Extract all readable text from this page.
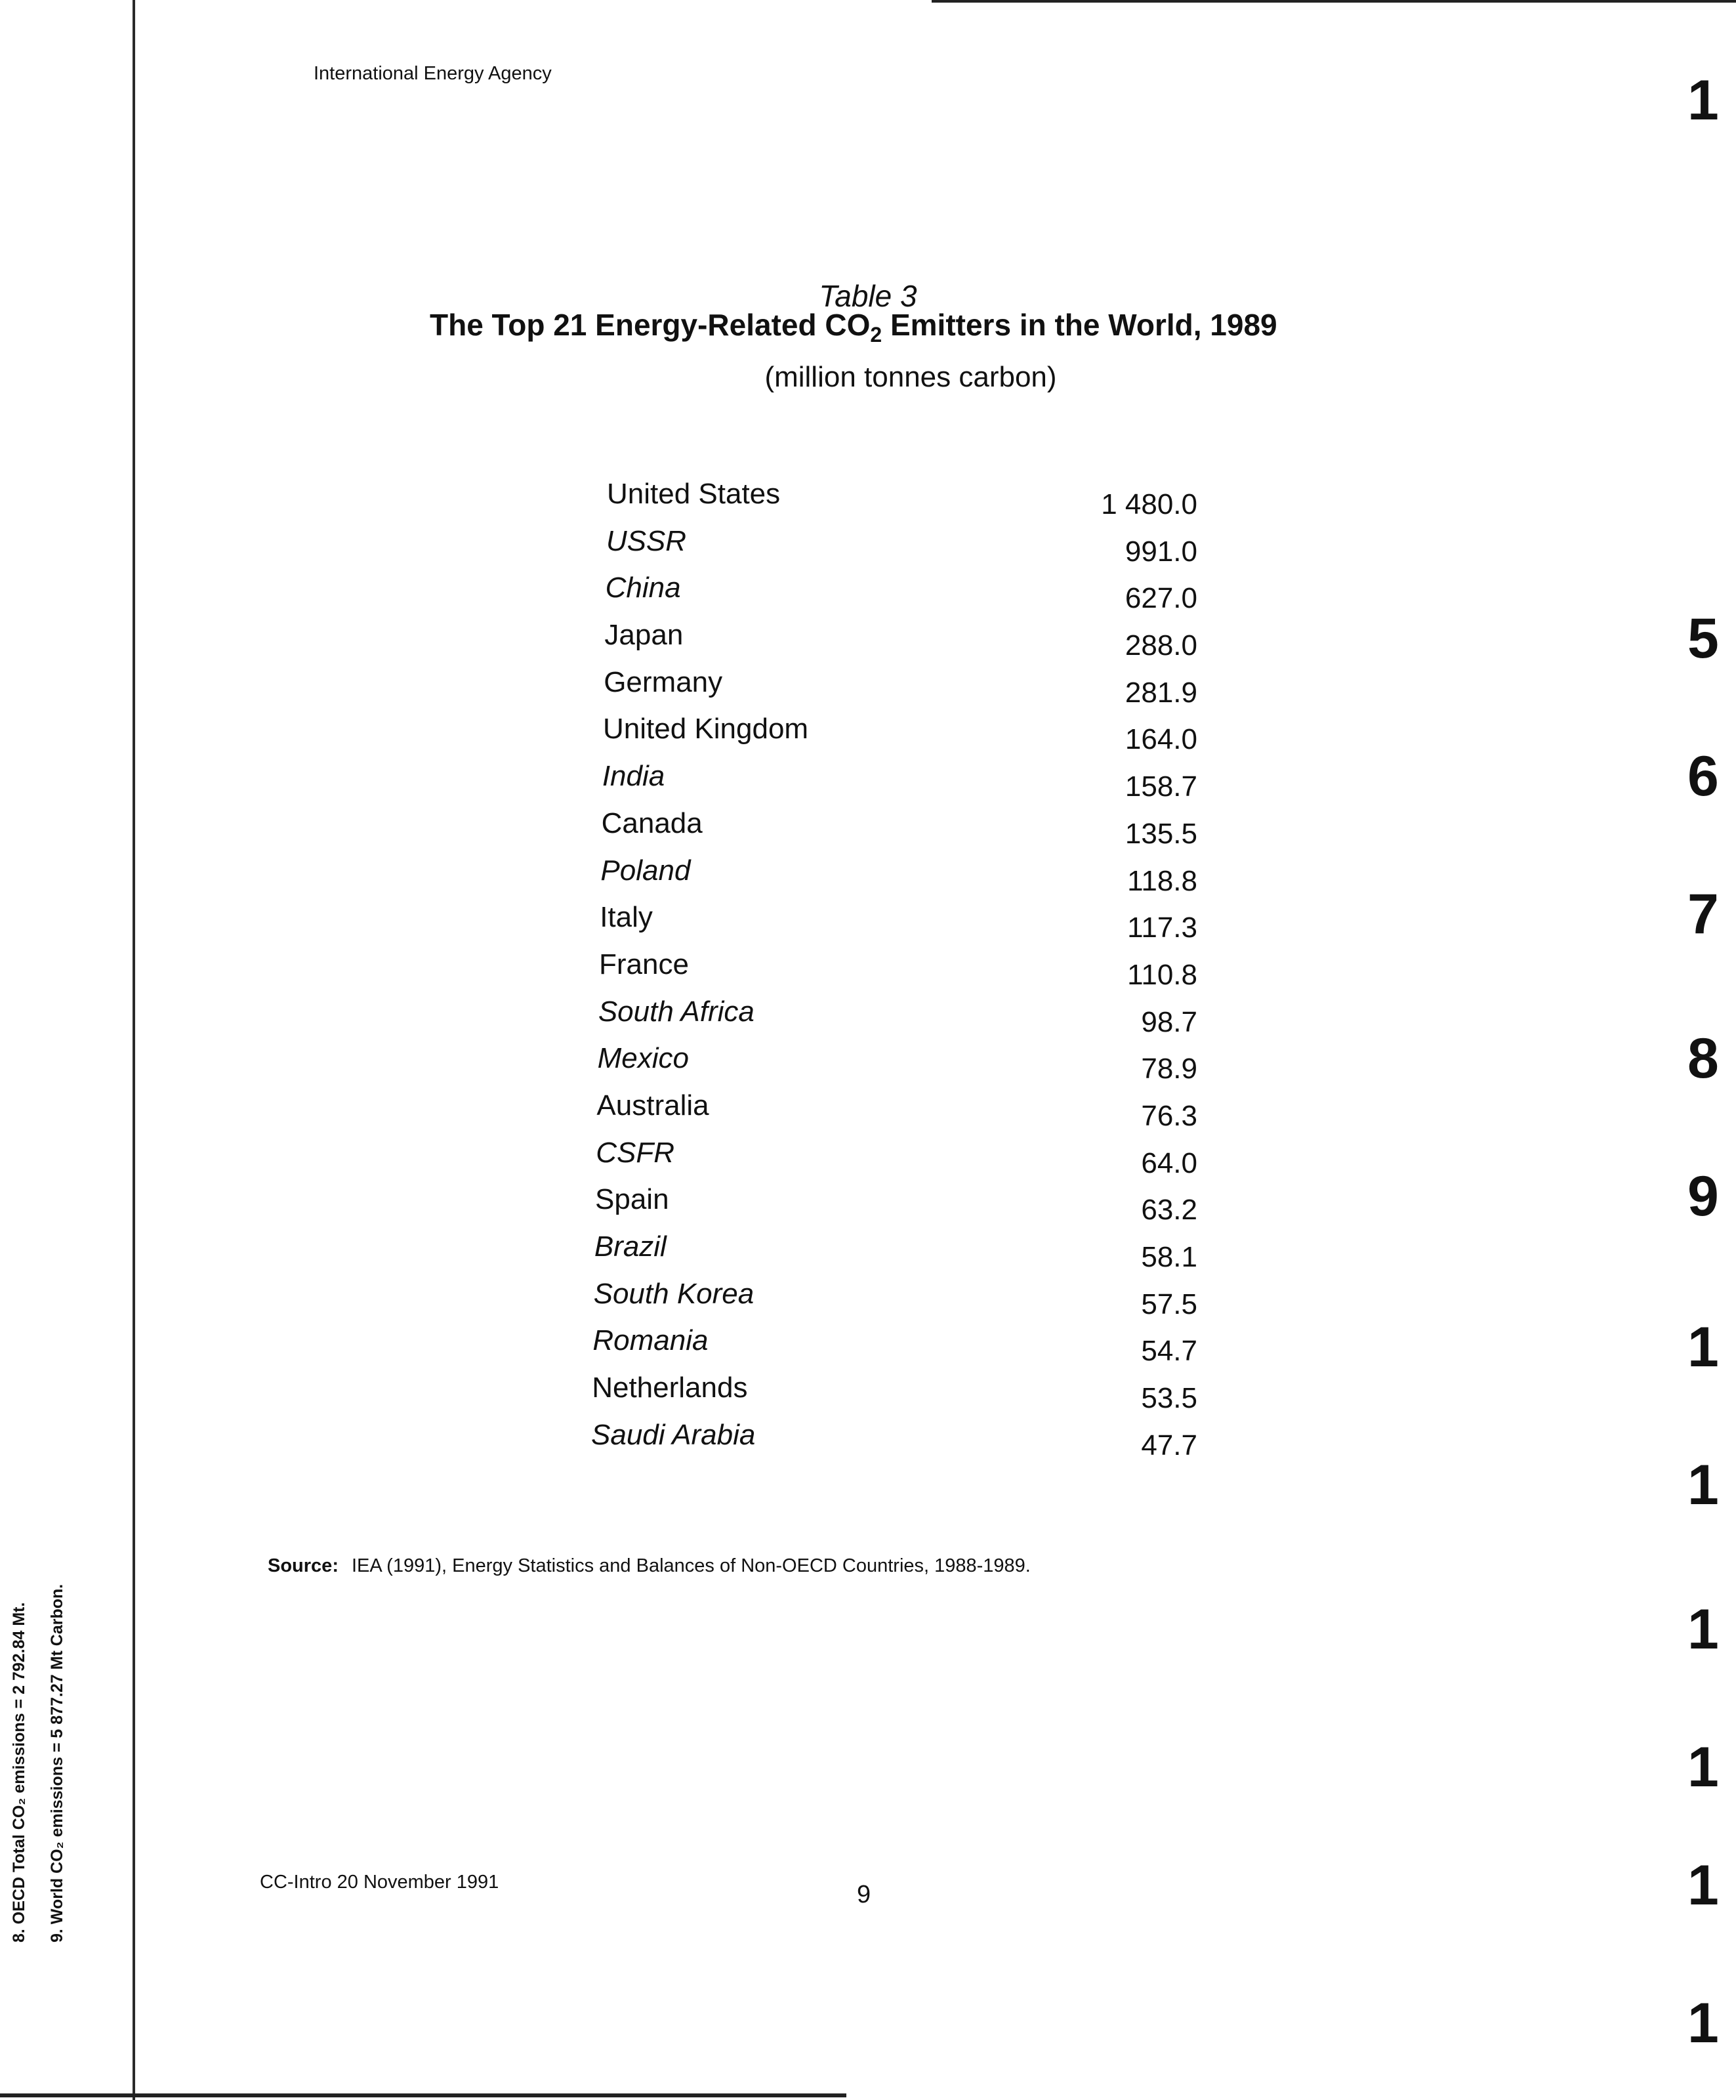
International Energy Agency
Table 3
The Top 21 Energy-Related $CO_2$ Emitters in the World, 1989
(million tonnes carbon)
United States	1 480.0
USSR	991.0
China	627.0
Japan	288.0
Germany	281.9
United Kingdom	164.0
India	158.7
Canada	135.5
Poland	118.8
Italy	117.3
France	110.8
South Africa	98.7
Mexico	78.9
Australia	76.3
CSFR	64.0
Spain	63.2
Brazil	58.1
South Korea	57.5
Romania	54.7
Netherlands	53.5
Saudi Arabia	47.7
Source: IEA (1991), Energy Statistics and Balances of Non-OECD Countries, 1988-1989.
CC-Intro 20 November 1991	9
8. OECD Total CO₂ emissions = 2 792.84 Mt.	9. World CO₂ emissions = 5 877.27 Mt Carbon.
1
5
6
7
8
9
1
1
1
1
1
1
